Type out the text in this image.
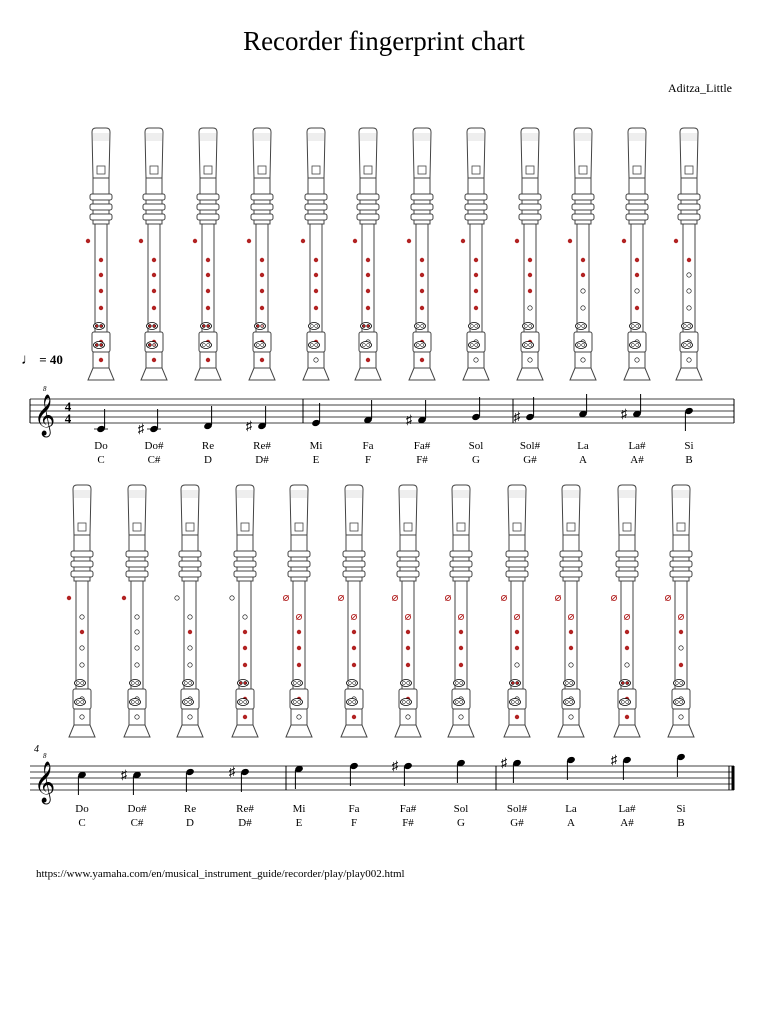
Recorder fingerprint chart
Aditza_Little
♩ = 40
4
https://www.yamaha.com/en/musical_instrument_guide/recorder/play/play002.html
𝄞
8
4
4
♯	♯	♯	♯	♯
𝄞
8
♯	♯	♯	♯	♯
Do
C
Do#
C#
Re
D
Re#
D#
Mi
E
Fa
F
Fa#
F#
Sol
G
Sol#
G#
La
A
La#
A#
Si
B
Do
C
Do#
C#
Re
D
Re#
D#
Mi
E
Fa
F
Fa#
F#
Sol
G
Sol#
G#
La
A
La#
A#
Si
B
